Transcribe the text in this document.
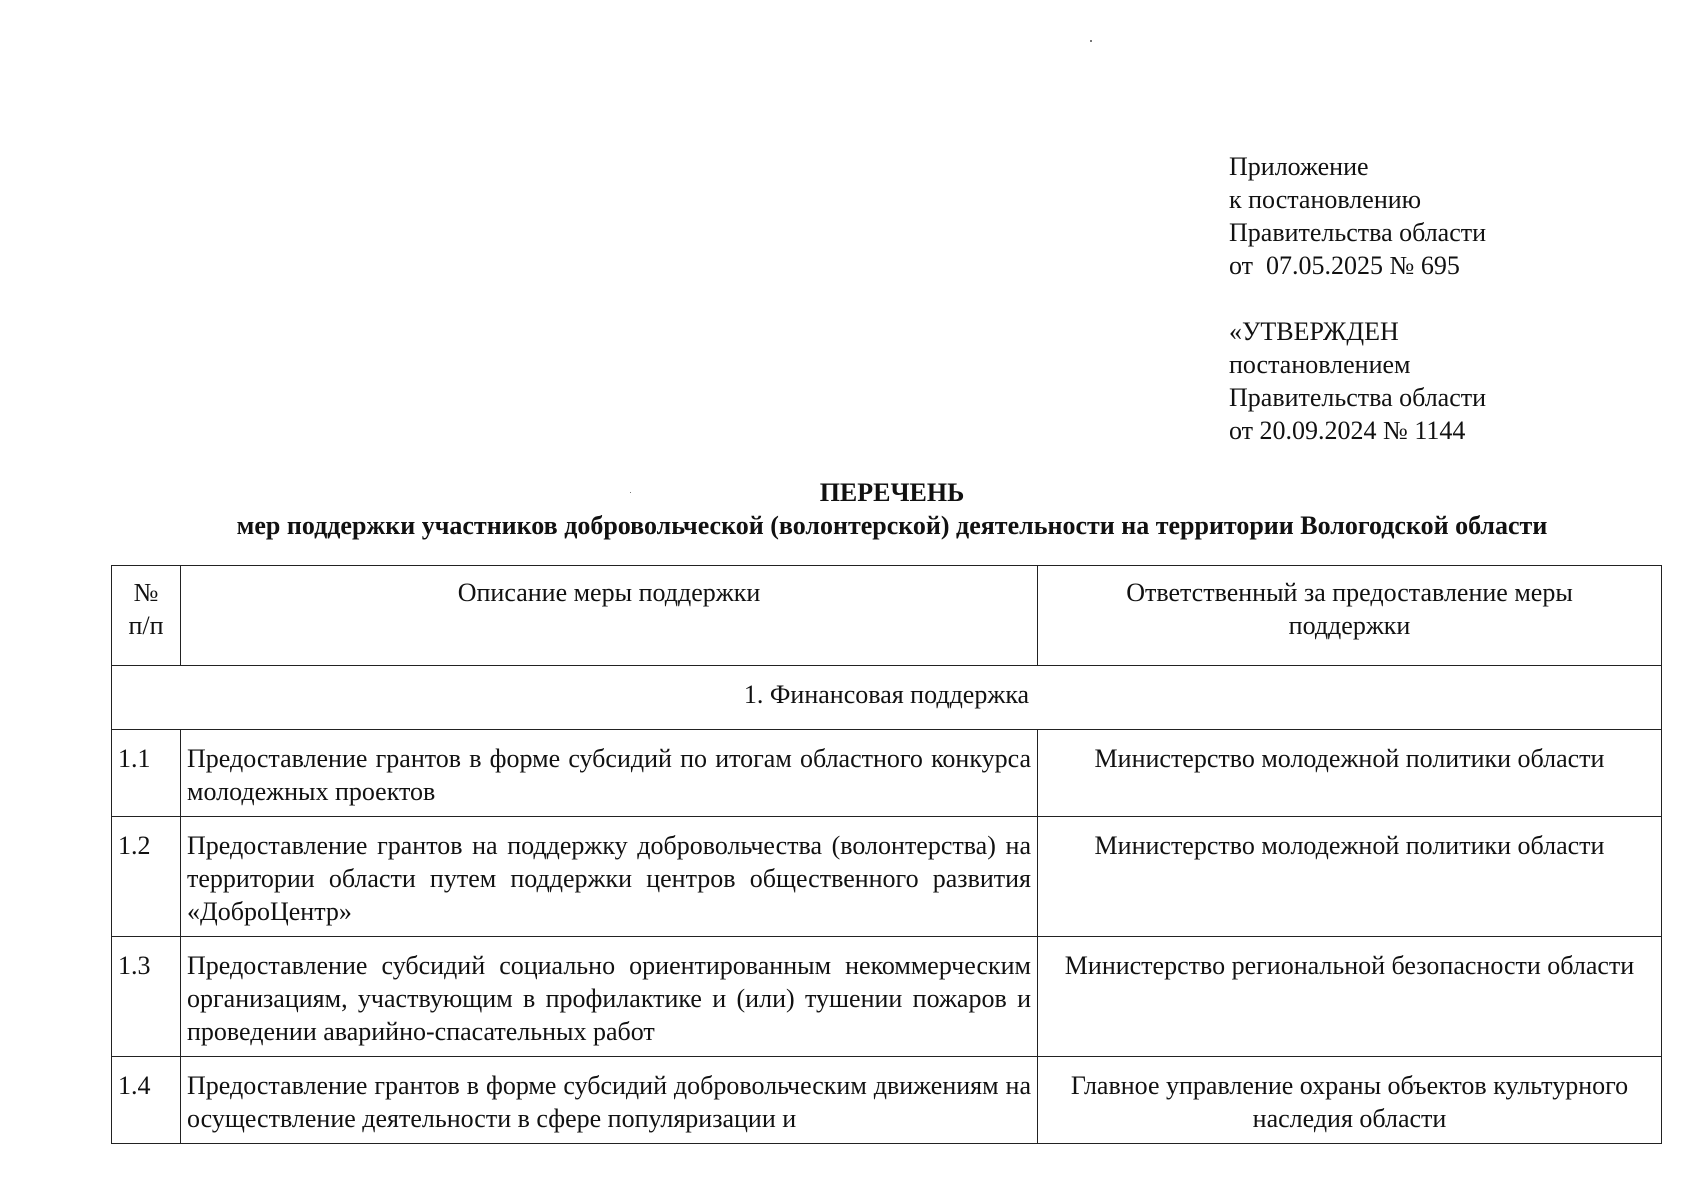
Приложение
к постановлению
Правительства области
от  07.05.2025 № 695
«УТВЕРЖДЕН
постановлением
Правительства области
от 20.09.2024 № 1144
ПЕРЕЧЕНЬ
мер поддержки участников добровольческой (волонтерской) деятельности на территории Вологодской области
№
п/п	Описание меры поддержки	Ответственный за предоставление меры поддержки
1. Финансовая поддержка		
1.1	Предоставление грантов в форме субсидий по итогам областного конкурса молодежных проектов	Министерство молодежной политики области
1.2	Предоставление грантов на поддержку добровольчества (волонтерства) на территории области путем поддержки центров общественного развития «ДоброЦентр»	Министерство молодежной политики области
1.3	Предоставление субсидий социально ориентированным некоммерческим организациям, участвующим в профилактике и (или) тушении пожаров и проведении аварийно-спасательных работ	Министерство региональной безопасности области
1.4	Предоставление грантов в форме субсидий добровольческим движениям на осуществление деятельности в сфере популяризации и	Главное управление охраны объектов культурного наследия области
